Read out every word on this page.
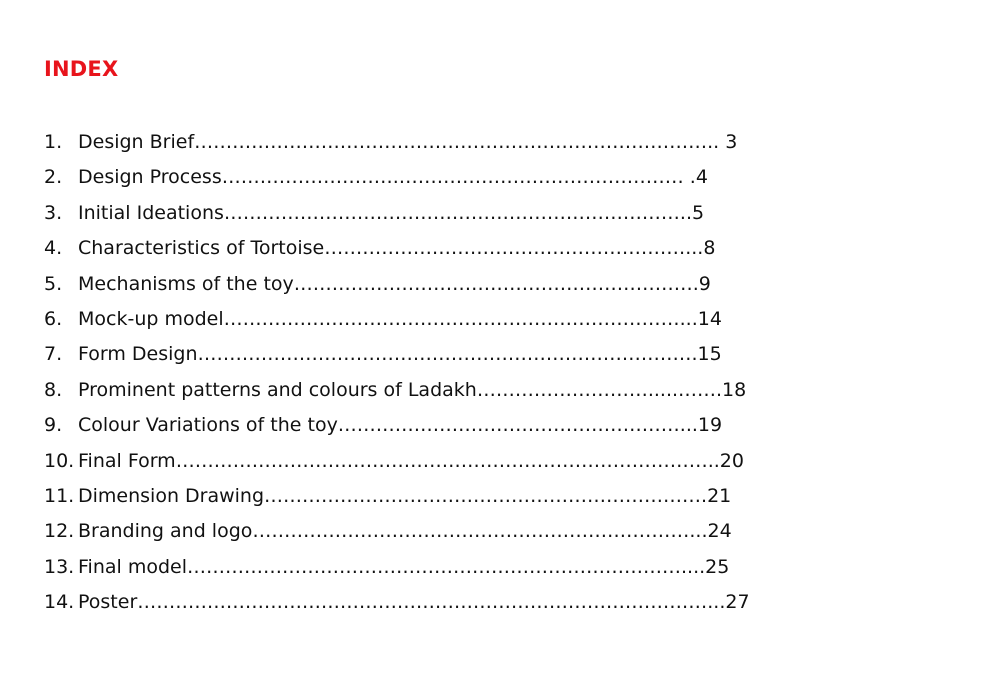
INDEX
1. Design Brief……………………………………………………………………….. 3
2. Design Process……………………….……………………………………… .4
3. Initial Ideations………………………………………………………………..5
4. Characteristics of Tortoise…………………………………………………...8
5. Mechanisms of the toy……………………………………………………….9
6. Mock-up model………………………………………………………………...14
7. Form Design…………………………………………………………………….15
8. Prominent patterns and colours of Ladakh……………………….....…….18
9. Colour Variations of the toy………………………………………………...19
10. Final Form…………………………………………………………………………..20
11. Dimension Drawing…………………………………………………………….21
12. Branding and logo……………………………………………………………...24
13. Final model……………………………………………………………………....25
14. Poster………………………………………………………………………………...27
